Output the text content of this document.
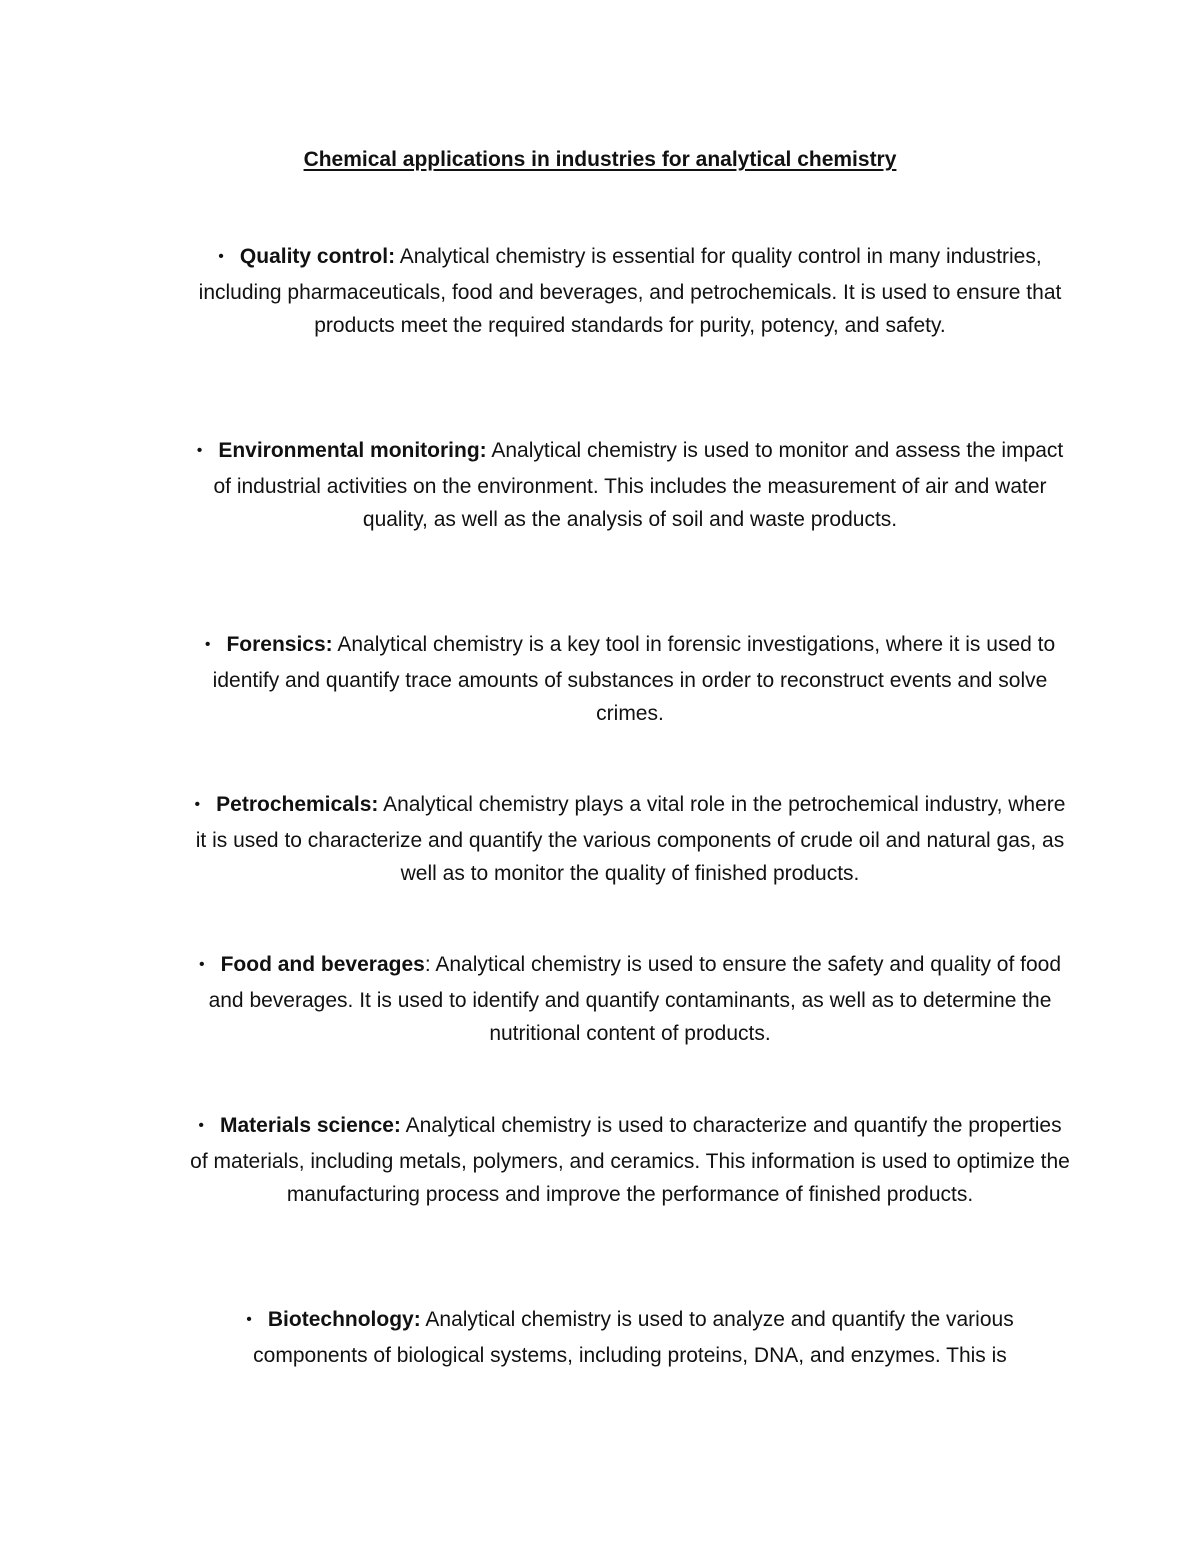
Chemical applications in industries for analytical chemistry

• Quality control: Analytical chemistry is essential for quality control in many industries, including pharmaceuticals, food and beverages, and petrochemicals. It is used to ensure that products meet the required standards for purity, potency, and safety.

• Environmental monitoring: Analytical chemistry is used to monitor and assess the impact of industrial activities on the environment. This includes the measurement of air and water quality, as well as the analysis of soil and waste products.

• Forensics: Analytical chemistry is a key tool in forensic investigations, where it is used to identify and quantify trace amounts of substances in order to reconstruct events and solve crimes.

• Petrochemicals: Analytical chemistry plays a vital role in the petrochemical industry, where it is used to characterize and quantify the various components of crude oil and natural gas, as well as to monitor the quality of finished products.

• Food and beverages: Analytical chemistry is used to ensure the safety and quality of food and beverages. It is used to identify and quantify contaminants, as well as to determine the nutritional content of products.

• Materials science: Analytical chemistry is used to characterize and quantify the properties of materials, including metals, polymers, and ceramics. This information is used to optimize the manufacturing process and improve the performance of finished products.

• Biotechnology: Analytical chemistry is used to analyze and quantify the various components of biological systems, including proteins, DNA, and enzymes. This is
